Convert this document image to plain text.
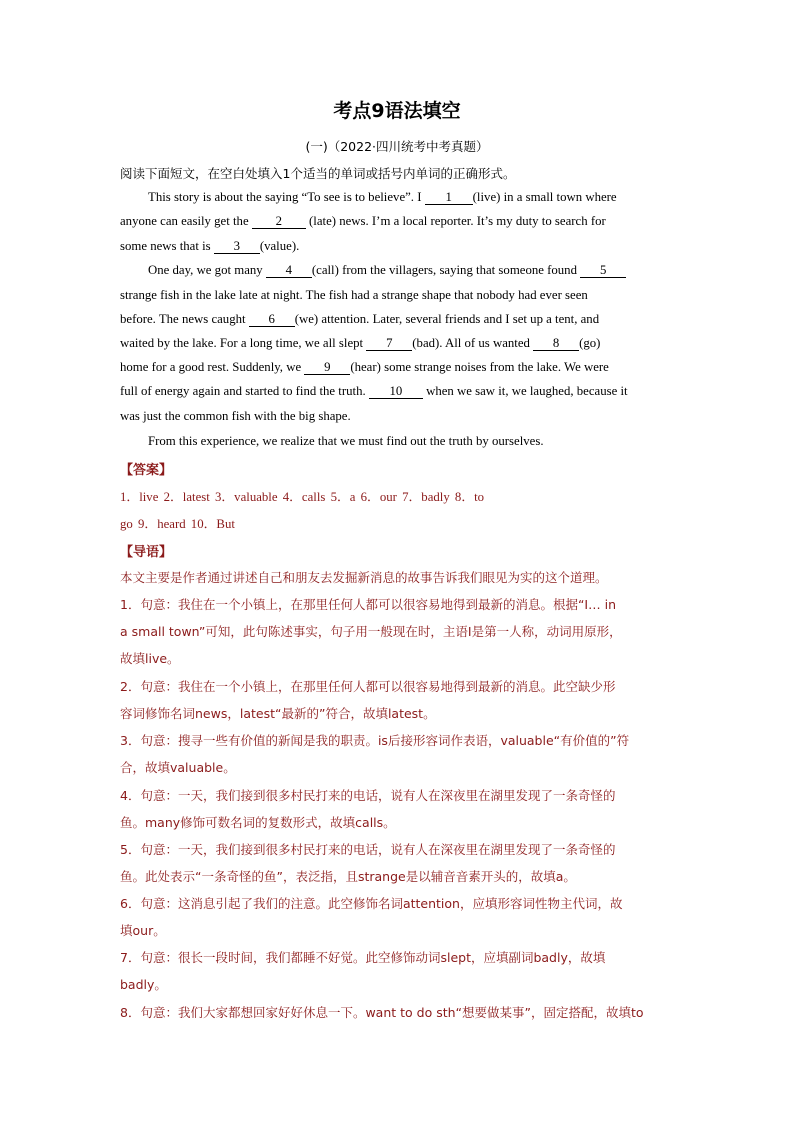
考点9语法填空
(一)（2022·四川统考中考真题）
阅读下面短文，在空白处填入1个适当的单词或括号内单词的正确形式。
This story is about the saying “To see is to believe”. I 1 (live) in a small town where
anyone can easily get the 2 (late) news. I’m a local reporter. It’s my duty to search for
some news that is 3 (value).
One day, we got many 4 (call) from the villagers, saying that someone found 5
strange fish in the lake late at night. The fish had a strange shape that nobody had ever seen
before. The news caught 6 (we) attention. Later, several friends and I set up a tent, and
waited by the lake. For a long time, we all slept 7 (bad). All of us wanted 8 (go)
home for a good rest. Suddenly, we 9 (hear) some strange noises from the lake. We were
full of energy again and started to find the truth. 10 when we saw it, we laughed, because it
was just the common fish with the big shape.
From this experience, we realize that we must find out the truth by ourselves.
【答案】
1．live 2．latest 3．valuable 4．calls 5．a 6．our 7．badly 8．to
go 9．heard 10．But
【导语】
本文主要是作者通过讲述自己和朋友去发掘新消息的故事告诉我们眼见为实的这个道理。
1．句意：我住在一个小镇上，在那里任何人都可以很容易地得到最新的消息。根据“I… in
a small town”可知，此句陈述事实，句子用一般现在时，主语I是第一人称，动词用原形，
故填live。
2．句意：我住在一个小镇上，在那里任何人都可以很容易地得到最新的消息。此空缺少形
容词修饰名词news，latest“最新的”符合，故填latest。
3．句意：搜寻一些有价值的新闻是我的职责。is后接形容词作表语，valuable“有价值的”符
合，故填valuable。
4．句意：一天，我们接到很多村民打来的电话，说有人在深夜里在湖里发现了一条奇怪的
鱼。many修饰可数名词的复数形式，故填calls。
5．句意：一天，我们接到很多村民打来的电话，说有人在深夜里在湖里发现了一条奇怪的
鱼。此处表示“一条奇怪的鱼”，表泛指，且strange是以辅音音素开头的，故填a。
6．句意：这消息引起了我们的注意。此空修饰名词attention，应填形容词性物主代词，故
填our。
7．句意：很长一段时间，我们都睡不好觉。此空修饰动词slept，应填副词badly，故填
badly。
8．句意：我们大家都想回家好好休息一下。want to do sth“想要做某事”，固定搭配，故填to
